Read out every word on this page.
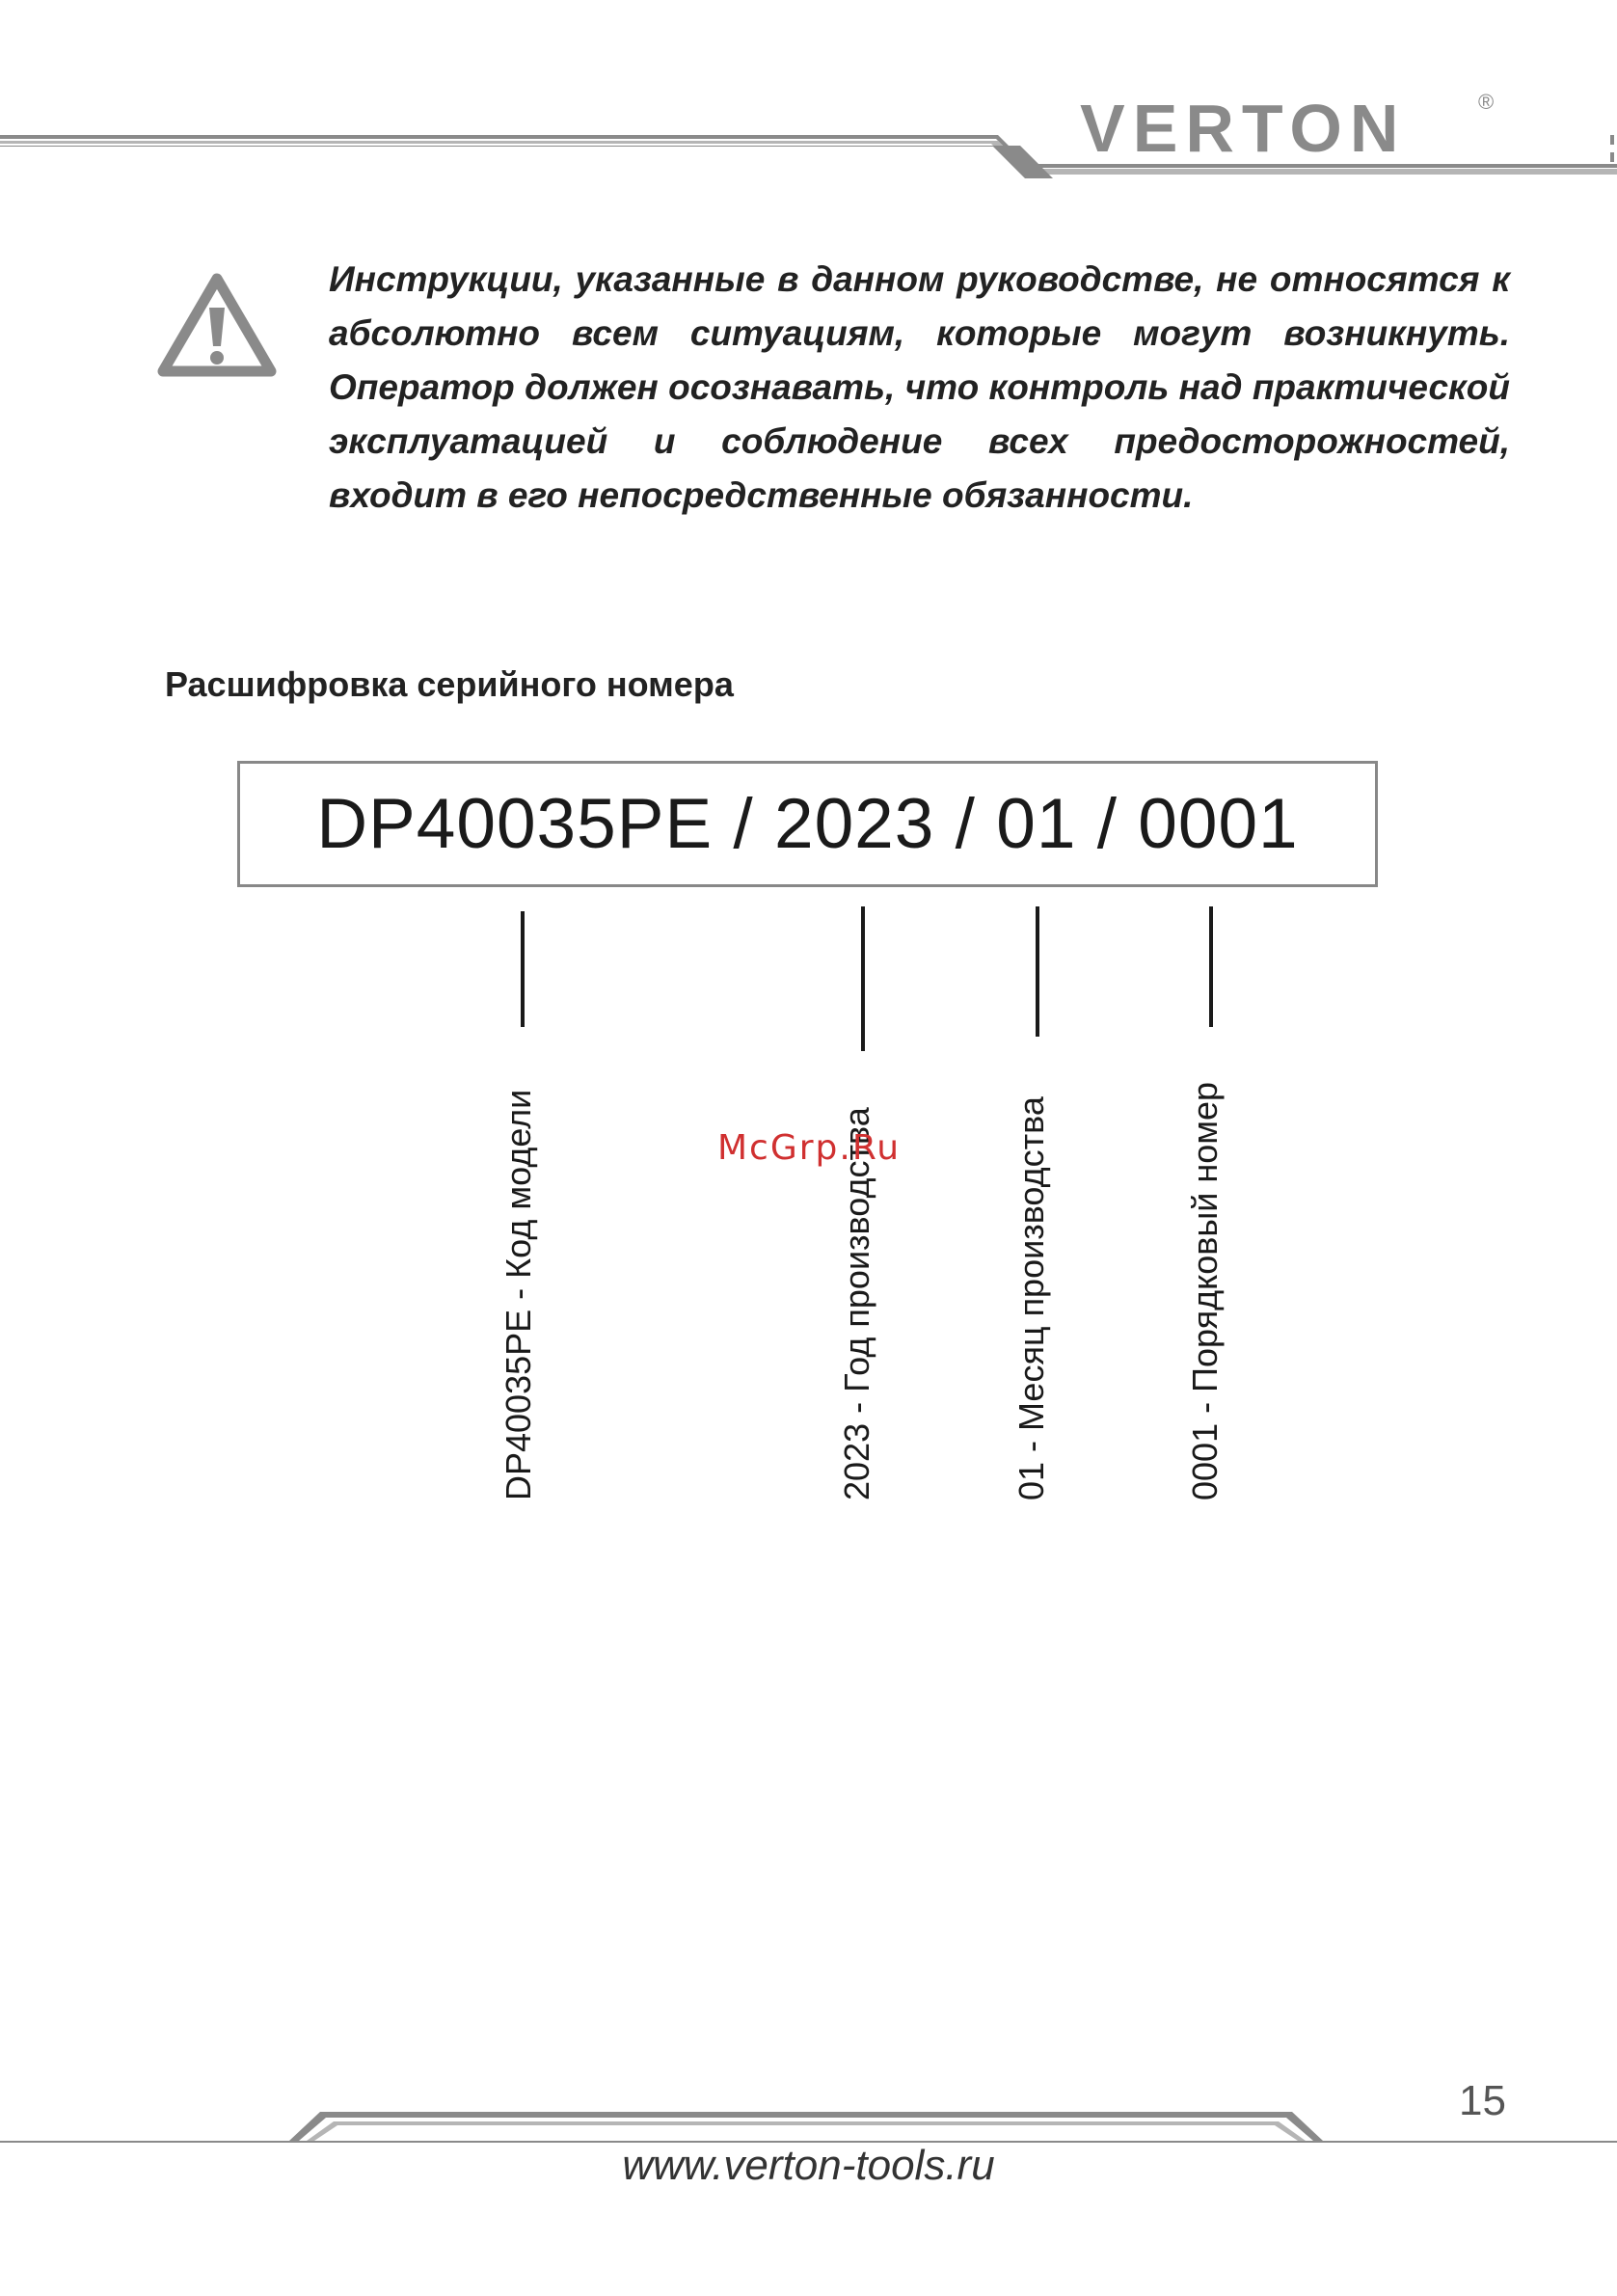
VERTON	®
Инструкции, указанные в данном руководстве, не относятся к абсолютно всем ситуациям, которые могут возникнуть. Оператор должен осознавать, что контроль над практической эксплуатацией и соблюдение всех предосторожностей, входит в его непосредственные обязанности.
Расшифровка серийного номера
DP40035PE / 2023 / 01 / 0001
DP40035PE - Код модели	2023 - Год производства	01 - Месяц производства	0001 - Порядковый номер
McGrp.Ru
15
www.verton-tools.ru
